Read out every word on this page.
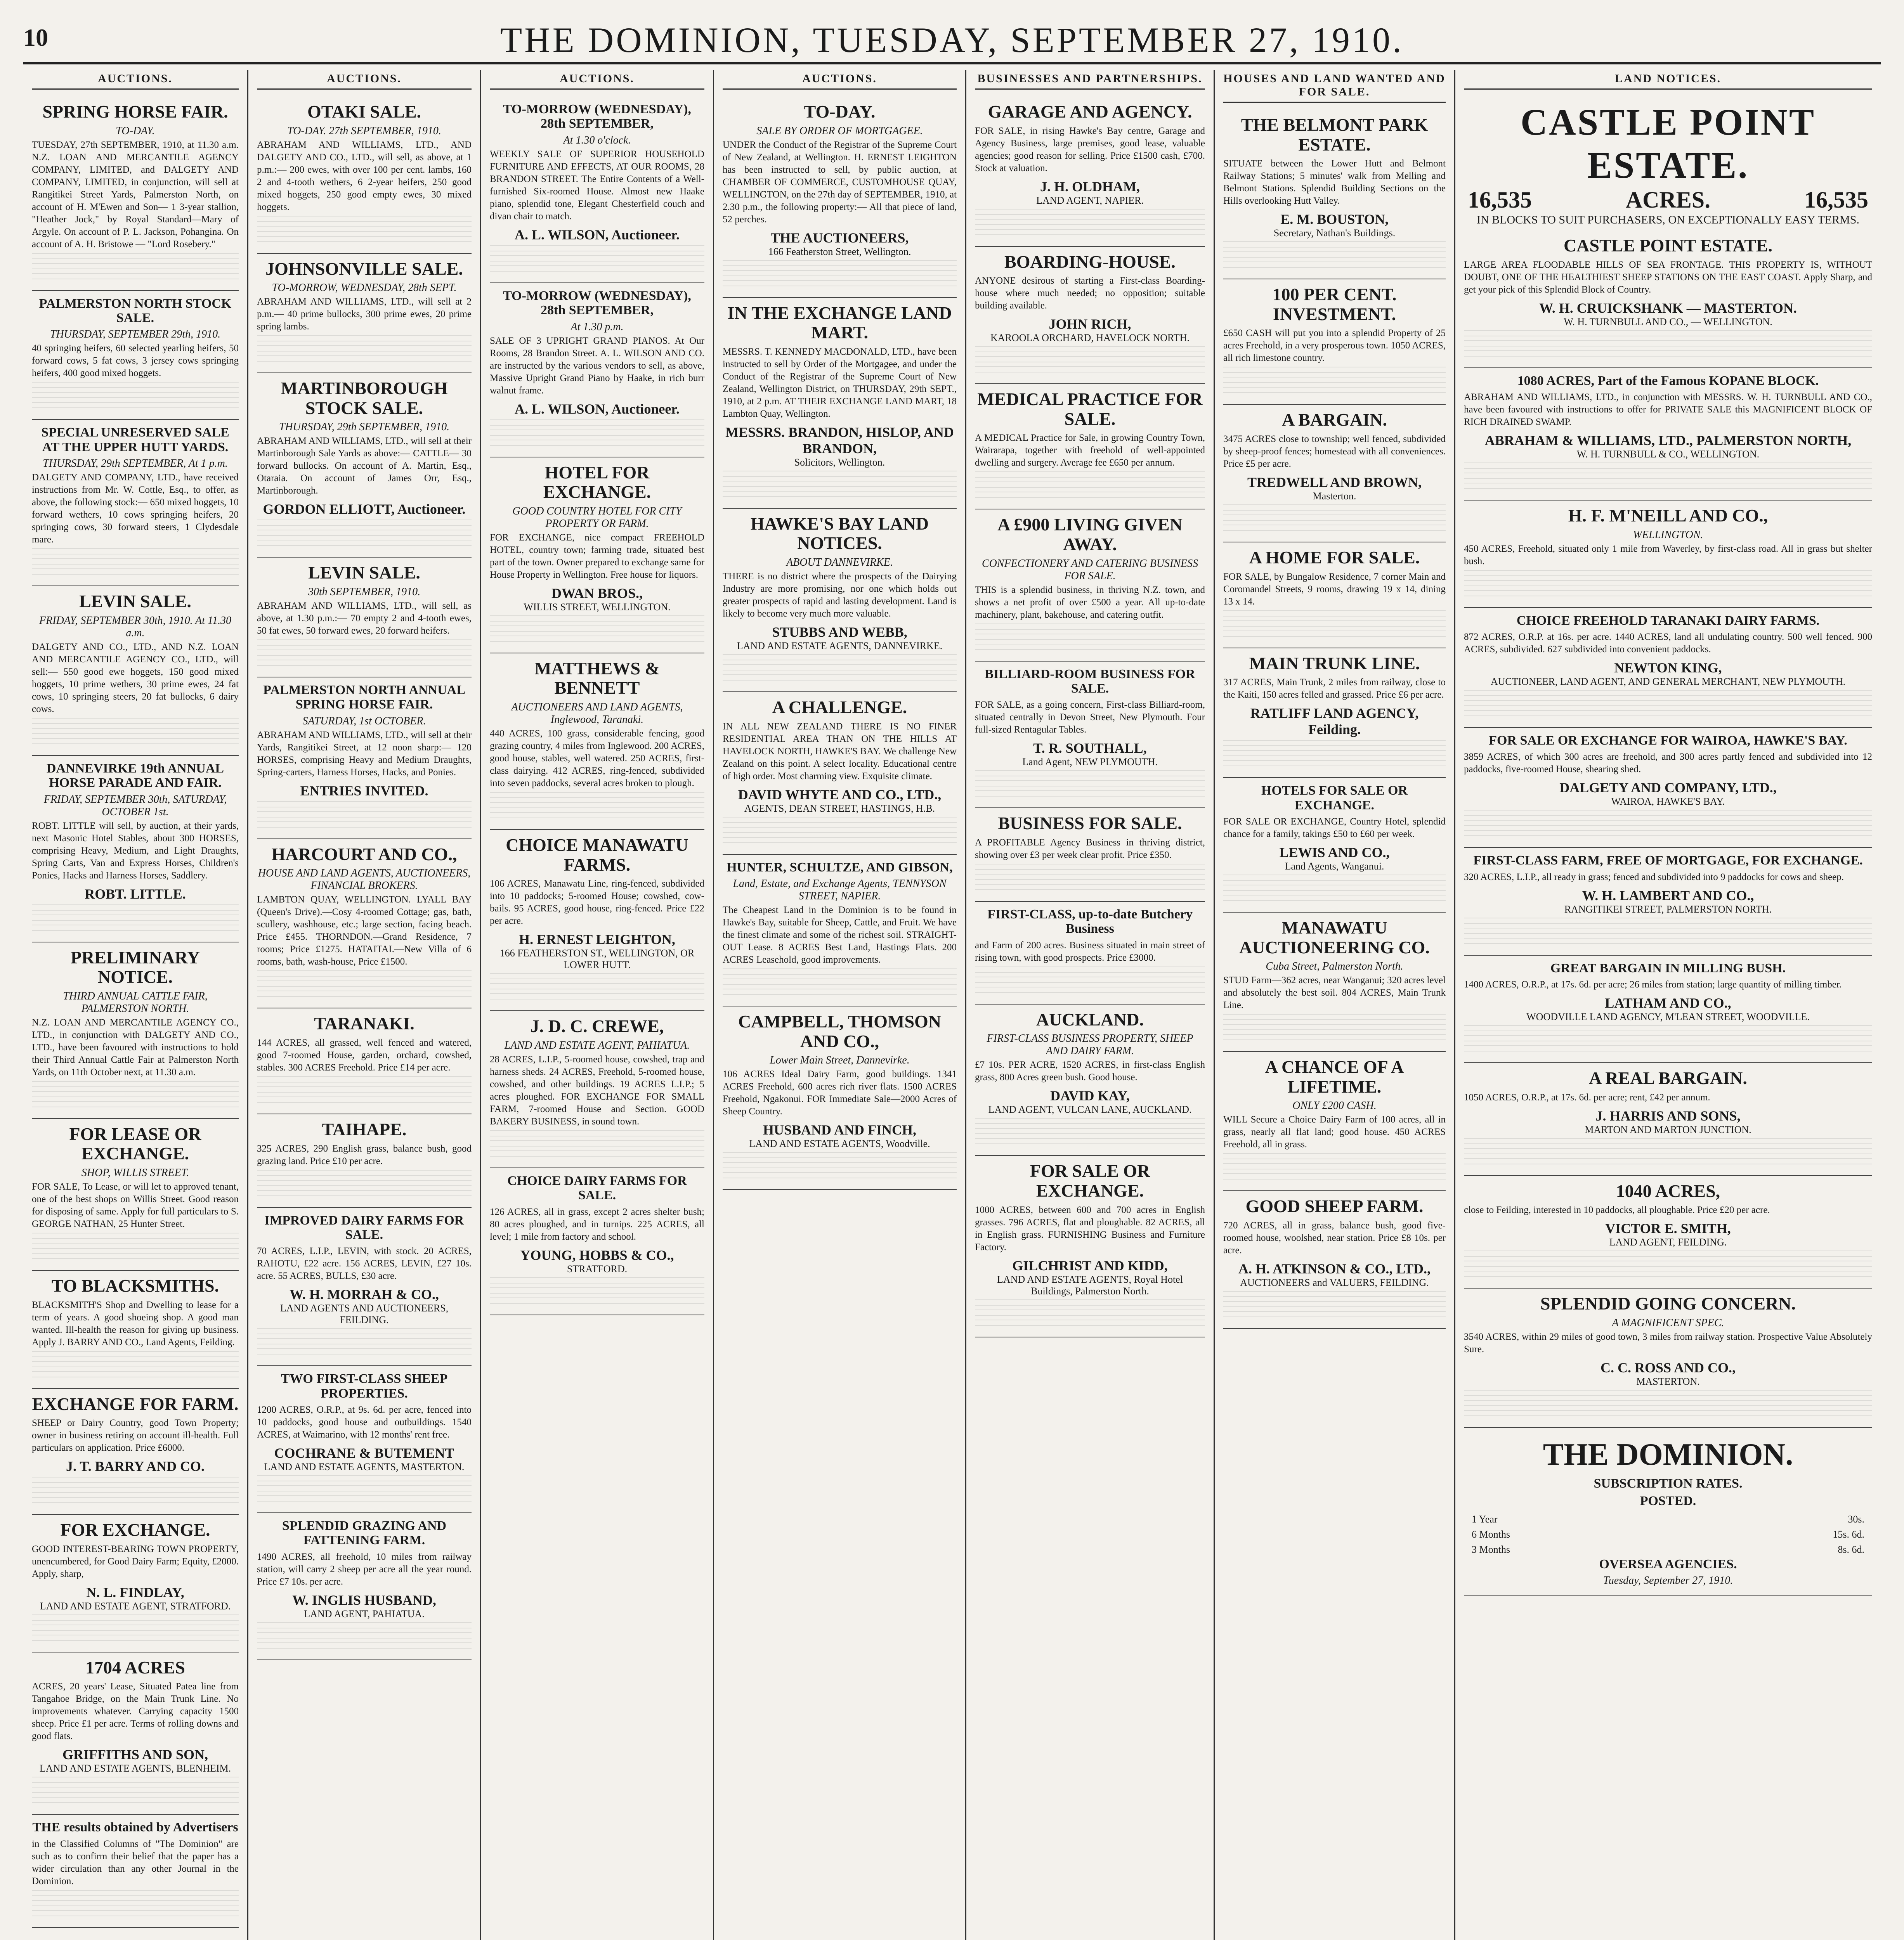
10	THE DOMINION, TUESDAY, SEPTEMBER 27, 1910.
AUCTIONS.
SPRING HORSE FAIR.
TO-DAY.
TUESDAY, 27th SEPTEMBER, 1910, at 11.30 a.m. N.Z. LOAN AND MERCANTILE AGENCY COMPANY, LIMITED, and DALGETY AND COMPANY, LIMITED, in conjunction, will sell at Rangitikei Street Yards, Palmerston North, on account of H. M'Ewen and Son— 1 3-year stallion, "Heather Jock," by Royal Standard—Mary of Argyle. On account of P. L. Jackson, Pohangina. On account of A. H. Bristowe — "Lord Rosebery."
PALMERSTON NORTH STOCK SALE.
THURSDAY, SEPTEMBER 29th, 1910.
40 springing heifers, 60 selected yearling heifers, 50 forward cows, 5 fat cows, 3 jersey cows springing heifers, 400 good mixed hoggets.
SPECIAL UNRESERVED SALE AT THE UPPER HUTT YARDS.
THURSDAY, 29th SEPTEMBER, At 1 p.m.
DALGETY AND COMPANY, LTD., have received instructions from Mr. W. Cottle, Esq., to offer, as above, the following stock:— 650 mixed hoggets, 10 forward wethers, 10 cows springing heifers, 20 springing cows, 30 forward steers, 1 Clydesdale mare.
LEVIN SALE.
FRIDAY, SEPTEMBER 30th, 1910. At 11.30 a.m.
DALGETY AND CO., LTD., AND N.Z. LOAN AND MERCANTILE AGENCY CO., LTD., will sell:— 550 good ewe hoggets, 150 good mixed hoggets, 10 prime wethers, 30 prime ewes, 24 fat cows, 10 springing steers, 20 fat bullocks, 6 dairy cows.
DANNEVIRKE 19th ANNUAL HORSE PARADE AND FAIR.
FRIDAY, SEPTEMBER 30th, SATURDAY, OCTOBER 1st.
ROBT. LITTLE will sell, by auction, at their yards, next Masonic Hotel Stables, about 300 HORSES, comprising Heavy, Medium, and Light Draughts, Spring Carts, Van and Express Horses, Children's Ponies, Hacks and Harness Horses, Saddlery.
ROBT. LITTLE.
PRELIMINARY NOTICE.
THIRD ANNUAL CATTLE FAIR, PALMERSTON NORTH.
N.Z. LOAN AND MERCANTILE AGENCY CO., LTD., in conjunction with DALGETY AND CO., LTD., have been favoured with instructions to hold their Third Annual Cattle Fair at Palmerston North Yards, on 11th October next, at 11.30 a.m.
FOR LEASE OR EXCHANGE.
SHOP, WILLIS STREET.
FOR SALE, To Lease, or will let to approved tenant, one of the best shops on Willis Street. Good reason for disposing of same. Apply for full particulars to S. GEORGE NATHAN, 25 Hunter Street.
TO BLACKSMITHS.
BLACKSMITH'S Shop and Dwelling to lease for a term of years. A good shoeing shop. A good man wanted. Ill-health the reason for giving up business. Apply J. BARRY AND CO., Land Agents, Feilding.
EXCHANGE FOR FARM.
SHEEP or Dairy Country, good Town Property; owner in business retiring on account ill-health. Full particulars on application. Price £6000.
J. T. BARRY AND CO.
FOR EXCHANGE.
GOOD INTEREST-BEARING TOWN PROPERTY, unencumbered, for Good Dairy Farm; Equity, £2000. Apply, sharp,
N. L. FINDLAY,
LAND AND ESTATE AGENT, STRATFORD.
1704 ACRES
ACRES, 20 years' Lease, Situated Patea line from Tangahoe Bridge, on the Main Trunk Line. No improvements whatever. Carrying capacity 1500 sheep. Price £1 per acre. Terms of rolling downs and good flats.
GRIFFITHS AND SON,
LAND AND ESTATE AGENTS, BLENHEIM.
THE results obtained by Advertisers
in the Classified Columns of "The Dominion" are such as to confirm their belief that the paper has a wider circulation than any other Journal in the Dominion.
AUCTIONS.
OTAKI SALE.
TO-DAY. 27th SEPTEMBER, 1910.
ABRAHAM AND WILLIAMS, LTD., AND DALGETY AND CO., LTD., will sell, as above, at 1 p.m.:— 200 ewes, with over 100 per cent. lambs, 160 2 and 4-tooth wethers, 6 2-year heifers, 250 good mixed hoggets, 250 good empty ewes, 30 mixed hoggets.
JOHNSONVILLE SALE.
TO-MORROW, WEDNESDAY, 28th SEPT.
ABRAHAM AND WILLIAMS, LTD., will sell at 2 p.m.— 40 prime bullocks, 300 prime ewes, 20 prime spring lambs.
MARTINBOROUGH STOCK SALE.
THURSDAY, 29th SEPTEMBER, 1910.
ABRAHAM AND WILLIAMS, LTD., will sell at their Martinborough Sale Yards as above:— CATTLE— 30 forward bullocks. On account of A. Martin, Esq., Otaraia. On account of James Orr, Esq., Martinborough.
GORDON ELLIOTT, Auctioneer.
LEVIN SALE.
30th SEPTEMBER, 1910.
ABRAHAM AND WILLIAMS, LTD., will sell, as above, at 1.30 p.m.:— 70 empty 2 and 4-tooth ewes, 50 fat ewes, 50 forward ewes, 20 forward heifers.
PALMERSTON NORTH ANNUAL SPRING HORSE FAIR.
SATURDAY, 1st OCTOBER.
ABRAHAM AND WILLIAMS, LTD., will sell at their Yards, Rangitikei Street, at 12 noon sharp:— 120 HORSES, comprising Heavy and Medium Draughts, Spring-carters, Harness Horses, Hacks, and Ponies.
ENTRIES INVITED.
HARCOURT AND CO.,
HOUSE AND LAND AGENTS, AUCTIONEERS, FINANCIAL BROKERS.
LAMBTON QUAY, WELLINGTON. LYALL BAY (Queen's Drive).—Cosy 4-roomed Cottage; gas, bath, scullery, washhouse, etc.; large section, facing beach. Price £455. THORNDON.—Grand Residence, 7 rooms; Price £1275. HATAITAI.—New Villa of 6 rooms, bath, wash-house, Price £1500.
TARANAKI.
144 ACRES, all grassed, well fenced and watered, good 7-roomed House, garden, orchard, cowshed, stables. 300 ACRES Freehold. Price £14 per acre.
TAIHAPE.
325 ACRES, 290 English grass, balance bush, good grazing land. Price £10 per acre.
IMPROVED DAIRY FARMS FOR SALE.
70 ACRES, L.I.P., LEVIN, with stock. 20 ACRES, RAHOTU, £22 acre. 156 ACRES, LEVIN, £27 10s. acre. 55 ACRES, BULLS, £30 acre.
W. H. MORRAH & CO.,
LAND AGENTS AND AUCTIONEERS, FEILDING.
TWO FIRST-CLASS SHEEP PROPERTIES.
1200 ACRES, O.R.P., at 9s. 6d. per acre, fenced into 10 paddocks, good house and outbuildings. 1540 ACRES, at Waimarino, with 12 months' rent free.
COCHRANE & BUTEMENT
LAND AND ESTATE AGENTS, MASTERTON.
SPLENDID GRAZING AND FATTENING FARM.
1490 ACRES, all freehold, 10 miles from railway station, will carry 2 sheep per acre all the year round. Price £7 10s. per acre.
W. INGLIS HUSBAND,
LAND AGENT, PAHIATUA.
AUCTIONS.
TO-MORROW (WEDNESDAY), 28th SEPTEMBER,
At 1.30 o'clock.
WEEKLY SALE OF SUPERIOR HOUSEHOLD FURNITURE AND EFFECTS, AT OUR ROOMS, 28 BRANDON STREET. The Entire Contents of a Well-furnished Six-roomed House. Almost new Haake piano, splendid tone, Elegant Chesterfield couch and divan chair to match.
A. L. WILSON, Auctioneer.
TO-MORROW (WEDNESDAY), 28th SEPTEMBER,
At 1.30 p.m.
SALE OF 3 UPRIGHT GRAND PIANOS. At Our Rooms, 28 Brandon Street. A. L. WILSON AND CO. are instructed by the various vendors to sell, as above, Massive Upright Grand Piano by Haake, in rich burr walnut frame.
A. L. WILSON, Auctioneer.
HOTEL FOR EXCHANGE.
GOOD COUNTRY HOTEL FOR CITY PROPERTY OR FARM.
FOR EXCHANGE, nice compact FREEHOLD HOTEL, country town; farming trade, situated best part of the town. Owner prepared to exchange same for House Property in Wellington. Free house for liquors.
DWAN BROS.,
WILLIS STREET, WELLINGTON.
MATTHEWS & BENNETT
AUCTIONEERS AND LAND AGENTS, Inglewood, Taranaki.
440 ACRES, 100 grass, considerable fencing, good grazing country, 4 miles from Inglewood. 200 ACRES, good house, stables, well watered. 250 ACRES, first-class dairying. 412 ACRES, ring-fenced, subdivided into seven paddocks, several acres broken to plough.
CHOICE MANAWATU FARMS.
106 ACRES, Manawatu Line, ring-fenced, subdivided into 10 paddocks; 5-roomed House; cowshed, cow-bails. 95 ACRES, good house, ring-fenced. Price £22 per acre.
H. ERNEST LEIGHTON,
166 FEATHERSTON ST., WELLINGTON, OR LOWER HUTT.
J. D. C. CREWE,
LAND AND ESTATE AGENT, PAHIATUA.
28 ACRES, L.I.P., 5-roomed house, cowshed, trap and harness sheds. 24 ACRES, Freehold, 5-roomed house, cowshed, and other buildings. 19 ACRES L.I.P.; 5 acres ploughed. FOR EXCHANGE FOR SMALL FARM, 7-roomed House and Section. GOOD BAKERY BUSINESS, in sound town.
CHOICE DAIRY FARMS FOR SALE.
126 ACRES, all in grass, except 2 acres shelter bush; 80 acres ploughed, and in turnips. 225 ACRES, all level; 1 mile from factory and school.
YOUNG, HOBBS & CO.,
STRATFORD.
AUCTIONS.
TO-DAY.
SALE BY ORDER OF MORTGAGEE.
UNDER the Conduct of the Registrar of the Supreme Court of New Zealand, at Wellington. H. ERNEST LEIGHTON has been instructed to sell, by public auction, at CHAMBER OF COMMERCE, CUSTOMHOUSE QUAY, WELLINGTON, on the 27th day of SEPTEMBER, 1910, at 2.30 p.m., the following property:— All that piece of land, 52 perches.
THE AUCTIONEERS,
166 Featherston Street, Wellington.
IN THE EXCHANGE LAND MART.
MESSRS. T. KENNEDY MACDONALD, LTD., have been instructed to sell by Order of the Mortgagee, and under the Conduct of the Registrar of the Supreme Court of New Zealand, Wellington District, on THURSDAY, 29th SEPT., 1910, at 2 p.m. AT THEIR EXCHANGE LAND MART, 18 Lambton Quay, Wellington.
MESSRS. BRANDON, HISLOP, AND BRANDON,
Solicitors, Wellington.
HAWKE'S BAY LAND NOTICES.
ABOUT DANNEVIRKE.
THERE is no district where the prospects of the Dairying Industry are more promising, nor one which holds out greater prospects of rapid and lasting development. Land is likely to become very much more valuable.
STUBBS AND WEBB,
LAND AND ESTATE AGENTS, DANNEVIRKE.
A CHALLENGE.
IN ALL NEW ZEALAND THERE IS NO FINER RESIDENTIAL AREA THAN ON THE HILLS AT HAVELOCK NORTH, HAWKE'S BAY. We challenge New Zealand on this point. A select locality. Educational centre of high order. Most charming view. Exquisite climate.
DAVID WHYTE AND CO., LTD.,
AGENTS, DEAN STREET, HASTINGS, H.B.
HUNTER, SCHULTZE, AND GIBSON,
Land, Estate, and Exchange Agents, TENNYSON STREET, NAPIER.
The Cheapest Land in the Dominion is to be found in Hawke's Bay, suitable for Sheep, Cattle, and Fruit. We have the finest climate and some of the richest soil. STRAIGHT-OUT Lease. 8 ACRES Best Land, Hastings Flats. 200 ACRES Leasehold, good improvements.
CAMPBELL, THOMSON AND CO.,
Lower Main Street, Dannevirke.
106 ACRES Ideal Dairy Farm, good buildings. 1341 ACRES Freehold, 600 acres rich river flats. 1500 ACRES Freehold, Ngakonui. FOR Immediate Sale—2000 Acres of Sheep Country.
HUSBAND AND FINCH,
LAND AND ESTATE AGENTS, Woodville.
BUSINESSES AND PARTNERSHIPS.
GARAGE AND AGENCY.
FOR SALE, in rising Hawke's Bay centre, Garage and Agency Business, large premises, good lease, valuable agencies; good reason for selling. Price £1500 cash, £700. Stock at valuation.
J. H. OLDHAM,
LAND AGENT, NAPIER.
BOARDING-HOUSE.
ANYONE desirous of starting a First-class Boarding-house where much needed; no opposition; suitable building available.
JOHN RICH,
KAROOLA ORCHARD, HAVELOCK NORTH.
MEDICAL PRACTICE FOR SALE.
A MEDICAL Practice for Sale, in growing Country Town, Wairarapa, together with freehold of well-appointed dwelling and surgery. Average fee £650 per annum.
A £900 LIVING GIVEN AWAY.
CONFECTIONERY AND CATERING BUSINESS FOR SALE.
THIS is a splendid business, in thriving N.Z. town, and shows a net profit of over £500 a year. All up-to-date machinery, plant, bakehouse, and catering outfit.
BILLIARD-ROOM BUSINESS FOR SALE.
FOR SALE, as a going concern, First-class Billiard-room, situated centrally in Devon Street, New Plymouth. Four full-sized Rentagular Tables.
T. R. SOUTHALL,
Land Agent, NEW PLYMOUTH.
BUSINESS FOR SALE.
A PROFITABLE Agency Business in thriving district, showing over £3 per week clear profit. Price £350.
FIRST-CLASS, up-to-date Butchery Business
and Farm of 200 acres. Business situated in main street of rising town, with good prospects. Price £3000.
AUCKLAND.
FIRST-CLASS BUSINESS PROPERTY, SHEEP AND DAIRY FARM.
£7 10s. PER ACRE, 1520 ACRES, in first-class English grass, 800 Acres green bush. Good house.
DAVID KAY,
LAND AGENT, VULCAN LANE, AUCKLAND.
FOR SALE OR EXCHANGE.
1000 ACRES, between 600 and 700 acres in English grasses. 796 ACRES, flat and ploughable. 82 ACRES, all in English grass. FURNISHING Business and Furniture Factory.
GILCHRIST AND KIDD,
LAND AND ESTATE AGENTS, Royal Hotel Buildings, Palmerston North.
HOUSES AND LAND WANTED AND FOR SALE.
THE BELMONT PARK ESTATE.
SITUATE between the Lower Hutt and Belmont Railway Stations; 5 minutes' walk from Melling and Belmont Stations. Splendid Building Sections on the Hills overlooking Hutt Valley.
E. M. BOUSTON,
Secretary, Nathan's Buildings.
100 PER CENT. INVESTMENT.
£650 CASH will put you into a splendid Property of 25 acres Freehold, in a very prosperous town. 1050 ACRES, all rich limestone country.
A BARGAIN.
3475 ACRES close to township; well fenced, subdivided by sheep-proof fences; homestead with all conveniences. Price £5 per acre.
TREDWELL AND BROWN,
Masterton.
A HOME FOR SALE.
FOR SALE, by Bungalow Residence, 7 corner Main and Coromandel Streets, 9 rooms, drawing 19 x 14, dining 13 x 14.
MAIN TRUNK LINE.
317 ACRES, Main Trunk, 2 miles from railway, close to the Kaiti, 150 acres felled and grassed. Price £6 per acre.
RATLIFF LAND AGENCY, Feilding.
HOTELS FOR SALE OR EXCHANGE.
FOR SALE OR EXCHANGE, Country Hotel, splendid chance for a family, takings £50 to £60 per week.
LEWIS AND CO.,
Land Agents, Wanganui.
MANAWATU AUCTIONEERING CO.
Cuba Street, Palmerston North.
STUD Farm—362 acres, near Wanganui; 320 acres level and absolutely the best soil. 804 ACRES, Main Trunk Line.
A CHANCE OF A LIFETIME.
ONLY £200 CASH.
WILL Secure a Choice Dairy Farm of 100 acres, all in grass, nearly all flat land; good house. 450 ACRES Freehold, all in grass.
GOOD SHEEP FARM.
720 ACRES, all in grass, balance bush, good five-roomed house, woolshed, near station. Price £8 10s. per acre.
A. H. ATKINSON & CO., LTD.,
AUCTIONEERS and VALUERS, FEILDING.
LAND NOTICES.
CASTLE POINT ESTATE.
16,535	ACRES.	16,535
IN BLOCKS TO SUIT PURCHASERS, ON EXCEPTIONALLY EASY TERMS.
CASTLE POINT ESTATE.
LARGE AREA FLOODABLE HILLS OF SEA FRONTAGE. THIS PROPERTY IS, WITHOUT DOUBT, ONE OF THE HEALTHIEST SHEEP STATIONS ON THE EAST COAST. Apply Sharp, and get your pick of this Splendid Block of Country.
W. H. CRUICKSHANK — MASTERTON.
W. H. TURNBULL AND CO., — WELLINGTON.
1080 ACRES, Part of the Famous KOPANE BLOCK.
ABRAHAM AND WILLIAMS, LTD., in conjunction with MESSRS. W. H. TURNBULL AND CO., have been favoured with instructions to offer for PRIVATE SALE this MAGNIFICENT BLOCK OF RICH DRAINED SWAMP.
ABRAHAM & WILLIAMS, LTD., PALMERSTON NORTH,
W. H. TURNBULL & CO., WELLINGTON.
H. F. M'NEILL AND CO.,
WELLINGTON.
450 ACRES, Freehold, situated only 1 mile from Waverley, by first-class road. All in grass but shelter bush.
CHOICE FREEHOLD TARANAKI DAIRY FARMS.
872 ACRES, O.R.P. at 16s. per acre. 1440 ACRES, land all undulating country. 500 well fenced. 900 ACRES, subdivided. 627 subdivided into convenient paddocks.
NEWTON KING,
AUCTIONEER, LAND AGENT, AND GENERAL MERCHANT, NEW PLYMOUTH.
FOR SALE OR EXCHANGE FOR WAIROA, HAWKE'S BAY.
3859 ACRES, of which 300 acres are freehold, and 300 acres partly fenced and subdivided into 12 paddocks, five-roomed House, shearing shed.
DALGETY AND COMPANY, LTD.,
WAIROA, HAWKE'S BAY.
FIRST-CLASS FARM, FREE OF MORTGAGE, FOR EXCHANGE.
320 ACRES, L.I.P., all ready in grass; fenced and subdivided into 9 paddocks for cows and sheep.
W. H. LAMBERT AND CO.,
RANGITIKEI STREET, PALMERSTON NORTH.
GREAT BARGAIN IN MILLING BUSH.
1400 ACRES, O.R.P., at 17s. 6d. per acre; 26 miles from station; large quantity of milling timber.
LATHAM AND CO.,
WOODVILLE LAND AGENCY, M'LEAN STREET, WOODVILLE.
A REAL BARGAIN.
1050 ACRES, O.R.P., at 17s. 6d. per acre; rent, £42 per annum.
J. HARRIS AND SONS,
MARTON AND MARTON JUNCTION.
1040 ACRES,
close to Feilding, interested in 10 paddocks, all ploughable. Price £20 per acre.
VICTOR E. SMITH,
LAND AGENT, FEILDING.
SPLENDID GOING CONCERN.
A MAGNIFICENT SPEC.
3540 ACRES, within 29 miles of good town, 3 miles from railway station. Prospective Value Absolutely Sure.
C. C. ROSS AND CO.,
MASTERTON.
THE DOMINION.
SUBSCRIPTION RATES.
POSTED.
1 Year	30s.
6 Months	15s. 6d.
3 Months	8s. 6d.
OVERSEA AGENCIES.
Tuesday, September 27, 1910.
